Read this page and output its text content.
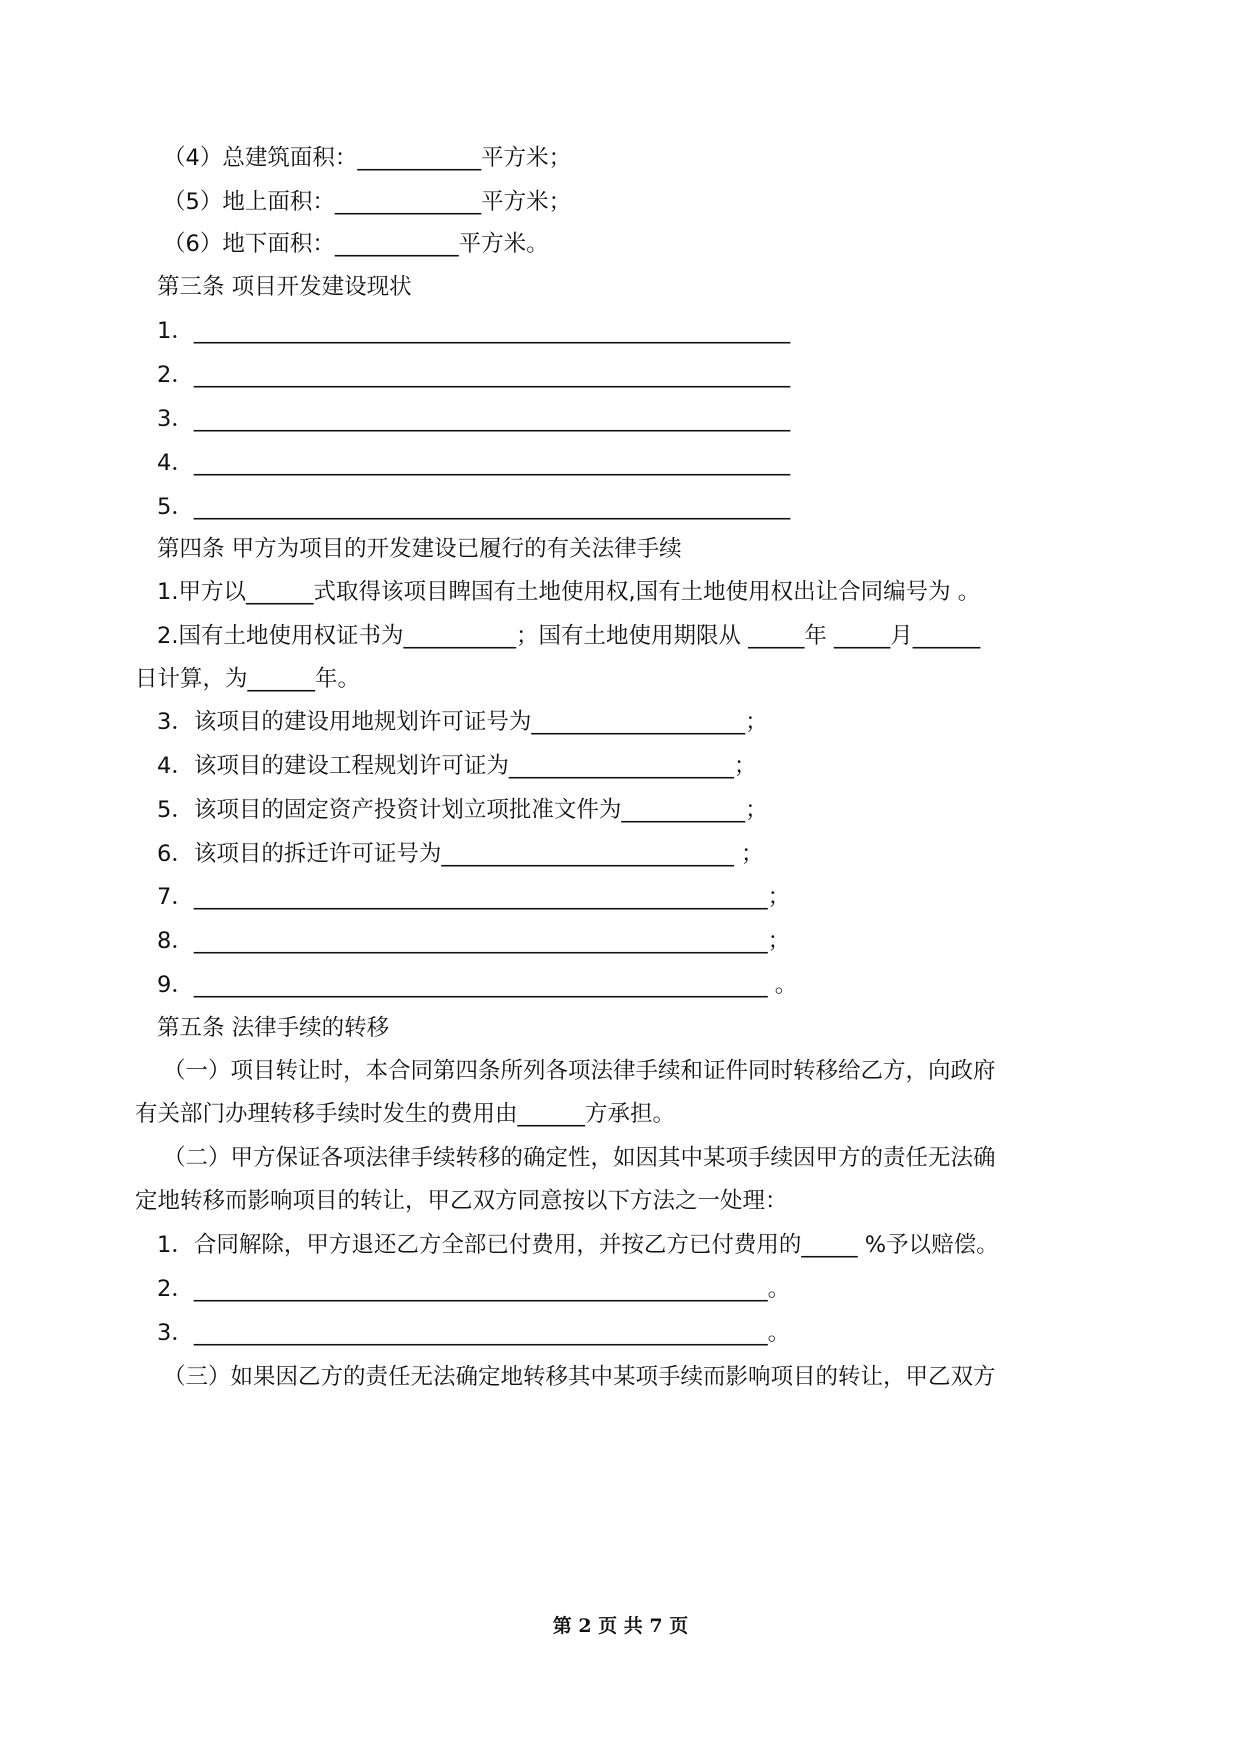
（4）总建筑面积：___________平方米；

（5）地上面积：_____________平方米；

（6）地下面积：___________平方米。

第三条 项目开发建设现状

1．_____________________________________________________

2．_____________________________________________________

3．_____________________________________________________

4．_____________________________________________________

5．_____________________________________________________

第四条 甲方为项目的开发建设已履行的有关法律手续

1.甲方以______式取得该项目睥国有土地使用权,国有土地使用权出让合同编号为 。

2.国有土地使用权证书为__________；国有土地使用期限从 _____年 _____月______

日计算，为______年。

3．该项目的建设用地规划许可证号为___________________；

4．该项目的建设工程规划许可证为____________________；

5．该项目的固定资产投资计划立项批准文件为___________；

6．该项目的拆迁许可证号为__________________________ ；

7．___________________________________________________；

8．___________________________________________________；

9．___________________________________________________ 。

第五条 法律手续的转移

（一）项目转让时，本合同第四条所列各项法律手续和证件同时转移给乙方，向政府

有关部门办理转移手续时发生的费用由______方承担。

（二）甲方保证各项法律手续转移的确定性，如因其中某项手续因甲方的责任无法确

定地转移而影响项目的转让，甲乙双方同意按以下方法之一处理：

1．合同解除，甲方退还乙方全部已付费用，并按乙方已付费用的_____ %予以赔偿。

2．___________________________________________________。

3．___________________________________________________。

（三）如果因乙方的责任无法确定地转移其中某项手续而影响项目的转让，甲乙双方

第 2 页 共 7 页
